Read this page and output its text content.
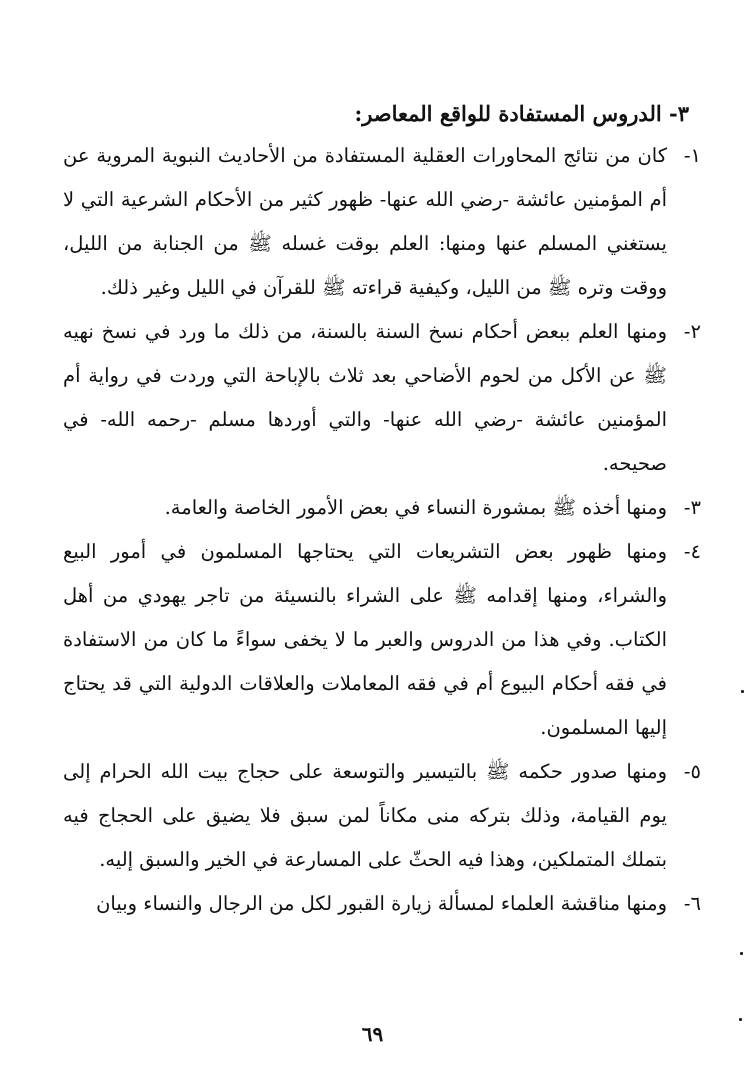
٣- الدروس المستفادة للواقع المعاصر:

١-
كان من نتائج المحاورات العقلية المستفادة من الأحاديث النبوية المروية عن أم المؤمنين عائشة -رضي الله عنها- ظهور كثير من الأحكام الشرعية التي لا يستغني المسلم عنها ومنها: العلم بوقت غسله ﷺ من الجنابة من الليل، ووقت وتره ﷺ من الليل، وكيفية قراءته ﷺ للقرآن في الليل وغير ذلك.
٢-
ومنها العلم ببعض أحكام نسخ السنة بالسنة، من ذلك ما ورد في نسخ نهيه ﷺ عن الأكل من لحوم الأضاحي بعد ثلاث بالإباحة التي وردت في رواية أم المؤمنين عائشة -رضي الله عنها- والتي أوردها مسلم -رحمه الله- في صحيحه.
٣-
ومنها أخذه ﷺ بمشورة النساء في بعض الأمور الخاصة والعامة.
٤-
ومنها ظهور بعض التشريعات التي يحتاجها المسلمون في أمور البيع والشراء، ومنها إقدامه ﷺ على الشراء بالنسيئة من تاجر يهودي من أهل الكتاب. وفي هذا من الدروس والعبر ما لا يخفى سواءً ما كان من الاستفادة في فقه أحكام البيوع أم في فقه المعاملات والعلاقات الدولية التي قد يحتاج إليها المسلمون.
٥-
ومنها صدور حكمه ﷺ بالتيسير والتوسعة على حجاج بيت الله الحرام إلى يوم القيامة، وذلك بتركه منى مكاناً لمن سبق فلا يضيق على الحجاج فيه بتملك المتملكين، وهذا فيه الحثّ على المسارعة في الخير والسبق إليه.
٦-
ومنها مناقشة العلماء لمسألة زيارة القبور لكل من الرجال والنساء وبيان
٦٩
